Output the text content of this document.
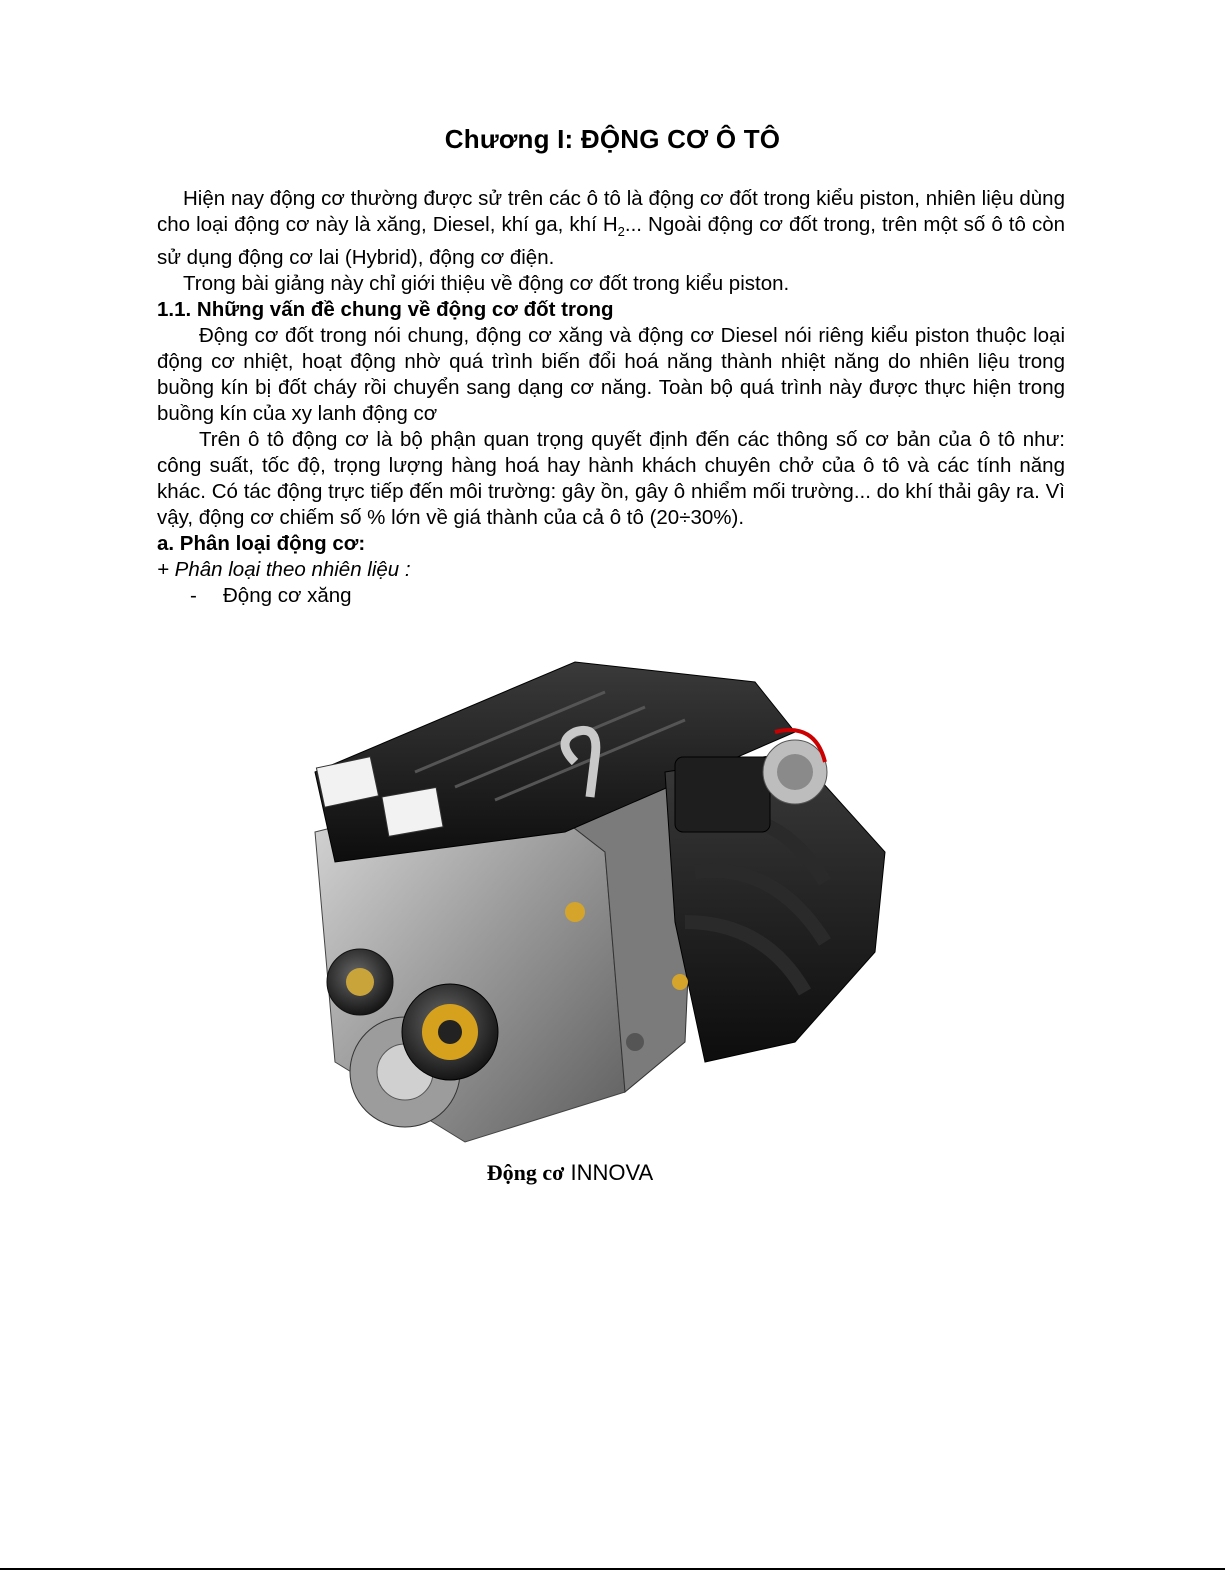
Chương I: ĐỘNG CƠ Ô TÔ

Hiện nay động cơ thường được sử trên các ô tô là động cơ đốt trong kiểu piston, nhiên liệu dùng cho loại động cơ này là xăng, Diesel, khí ga, khí $H_2$... Ngoài động cơ đốt trong, trên một số ô tô còn sử dụng động cơ lai (Hybrid), động cơ điện.

Trong bài giảng này chỉ giới thiệu về động cơ đốt trong kiểu piston.

1.1. Những vấn đề chung về động cơ đốt trong

Động cơ đốt trong nói chung, động cơ xăng và động cơ Diesel nói riêng kiểu piston thuộc loại động cơ nhiệt, hoạt động nhờ quá trình biến đổi hoá năng thành nhiệt năng do nhiên liệu trong buồng kín bị đốt cháy rồi chuyển sang dạng cơ năng. Toàn bộ quá trình này được thực hiện trong buồng kín của xy lanh động cơ

Trên ô tô động cơ là bộ phận quan trọng quyết định đến các thông số cơ bản của ô tô như: công suất, tốc độ, trọng lượng hàng hoá hay hành khách chuyên chở của ô tô và các tính năng khác. Có tác động trực tiếp đến môi trường: gây ồn, gây ô nhiểm mối trường... do khí thải gây ra. Vì vậy, động cơ chiếm số % lớn về giá thành của cả ô tô (20÷30%).

a. Phân loại động cơ:

+ Phân loại theo nhiên liệu :

- Động cơ xăng

Động cơ INNOVA
